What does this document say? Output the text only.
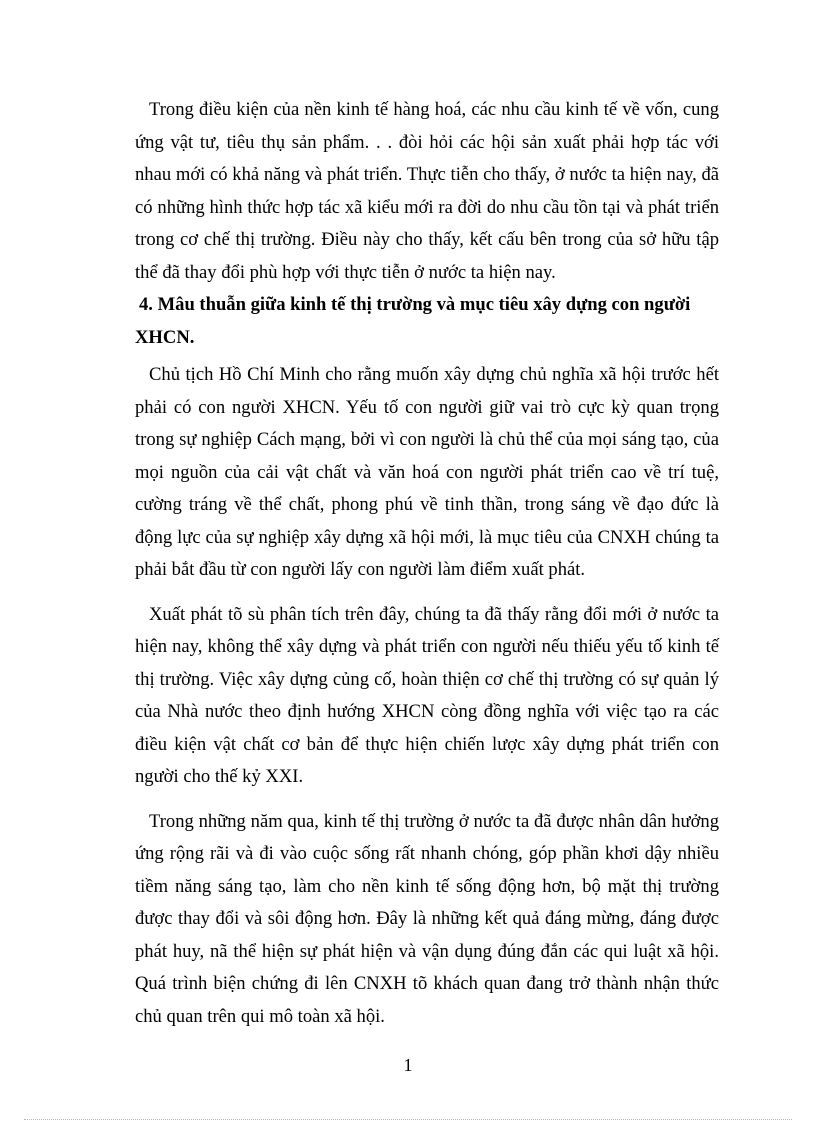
Trong điều kiện của nền kinh tế hàng hoá, các nhu cầu kinh tế về vốn, cung ứng vật tư, tiêu thụ sản phẩm. . . đòi hỏi các hội sản xuất phải hợp tác với nhau mới có khả năng và phát triển. Thực tiễn cho thấy, ở nước ta hiện nay, đã có những hình thức hợp tác xã kiểu mới ra đời do nhu cầu tồn tại và phát triển trong cơ chế thị trường. Điều này cho thấy, kết cấu bên trong của sở hữu tập thể đã thay đổi phù hợp với thực tiễn ở nước ta hiện nay.

4. Mâu thuẫn giữa kinh tế thị trường và mục tiêu xây dựng con người XHCN.

Chủ tịch Hồ Chí Minh cho rằng muốn xây dựng chủ nghĩa xã hội trước hết phải có con người XHCN. Yếu tố con người giữ vai trò cực kỳ quan trọng trong sự nghiệp Cách mạng, bởi vì con người là chủ thể của mọi sáng tạo, của mọi nguồn của cải vật chất và văn hoá con người phát triển cao về trí tuệ, cường tráng về thể chất, phong phú về tinh thần, trong sáng về đạo đức là động lực của sự nghiệp xây dựng xã hội mới, là mục tiêu của CNXH chúng ta phải bắt đầu từ con người lấy con người làm điểm xuất phát.

Xuất phát tõ sù phân tích trên đây, chúng ta đã thấy rằng đổi mới ở nước ta hiện nay, không thể xây dựng và phát triển con người nếu thiếu yếu tố kinh tế thị trường. Việc xây dựng củng cố, hoàn thiện cơ chế thị trường có sự quản lý của Nhà nước theo định hướng XHCN còng đồng nghĩa với việc tạo ra các điều kiện vật chất cơ bản để thực hiện chiến lược xây dựng phát triển con người cho thế kỷ XXI.

Trong những năm qua, kinh tế thị trường ở nước ta đã được nhân dân hưởng ứng rộng rãi và đi vào cuộc sống rất nhanh chóng, góp phần khơi dậy nhiều tiềm năng sáng tạo, làm cho nền kinh tế sống động hơn, bộ mặt thị trường được thay đổi và sôi động hơn. Đây là những kết quả đáng mừng, đáng được phát huy, nã thể hiện sự phát hiện và vận dụng đúng đắn các qui luật xã hội. Quá trình biện chứng đi lên CNXH tõ khách quan đang trở thành nhận thức chủ quan trên qui mô toàn xã hội.

1
